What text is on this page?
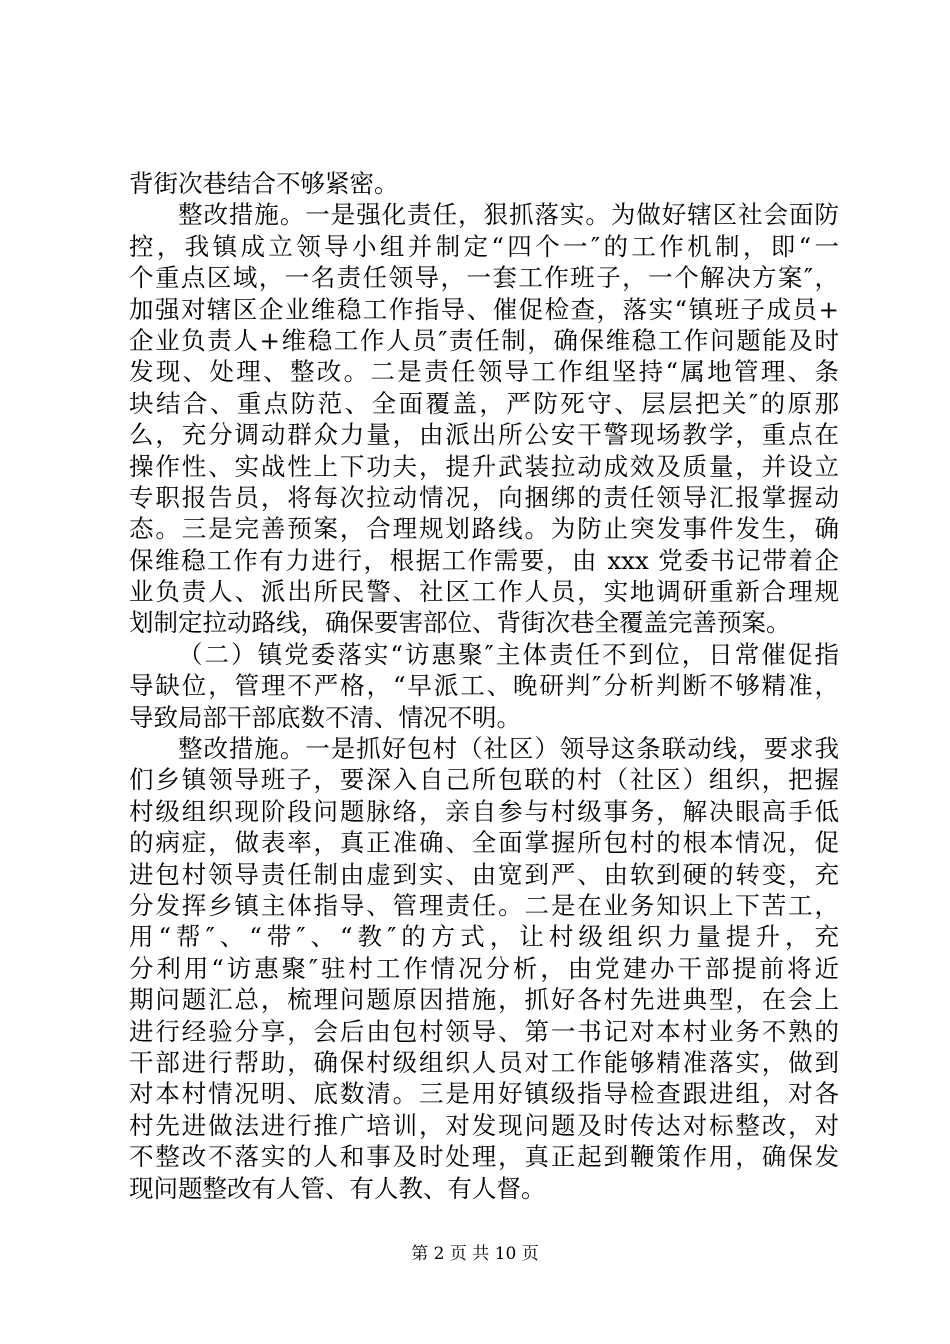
背街次巷结合不够紧密。
整改措施。一是强化责任，狠抓落实。为做好辖区社会面防
控，我镇成立领导小组并制定“四个一″的工作机制，即“一
个重点区域，一名责任领导，一套工作班子，一个解决方案″，
加强对辖区企业维稳工作指导、催促检查，落实“镇班子成员+
企业负责人+维稳工作人员″责任制，确保维稳工作问题能及时
发现、处理、整改。二是责任领导工作组坚持“属地管理、条
块结合、重点防范、全面覆盖，严防死守、层层把关″的原那
么，充分调动群众力量，由派出所公安干警现场教学，重点在
操作性、实战性上下功夫，提升武装拉动成效及质量，并设立
专职报告员，将每次拉动情况，向捆绑的责任领导汇报掌握动
态。三是完善预案，合理规划路线。为防止突发事件发生，确
保维稳工作有力进行，根据工作需要，由 xxx 党委书记带着企
业负责人、派出所民警、社区工作人员，实地调研重新合理规
划制定拉动路线，确保要害部位、背街次巷全覆盖完善预案。
（二）镇党委落实“访惠聚″主体责任不到位，日常催促指
导缺位，管理不严格，“早派工、晚研判″分析判断不够精准，
导致局部干部底数不清、情况不明。
整改措施。一是抓好包村（社区）领导这条联动线，要求我
们乡镇领导班子，要深入自己所包联的村（社区）组织，把握
村级组织现阶段问题脉络，亲自参与村级事务，解决眼高手低
的病症，做表率，真正准确、全面掌握所包村的根本情况，促
进包村领导责任制由虚到实、由宽到严、由软到硬的转变，充
分发挥乡镇主体指导、管理责任。二是在业务知识上下苦工，
用“帮″、“带″、“教″的方式，让村级组织力量提升，充
分利用“访惠聚″驻村工作情况分析，由党建办干部提前将近
期问题汇总，梳理问题原因措施，抓好各村先进典型，在会上
进行经验分享，会后由包村领导、第一书记对本村业务不熟的
干部进行帮助，确保村级组织人员对工作能够精准落实，做到
对本村情况明、底数清。三是用好镇级指导检查跟进组，对各
村先进做法进行推广培训，对发现问题及时传达对标整改，对
不整改不落实的人和事及时处理，真正起到鞭策作用，确保发
现问题整改有人管、有人教、有人督。
第 2 页 共 10 页
